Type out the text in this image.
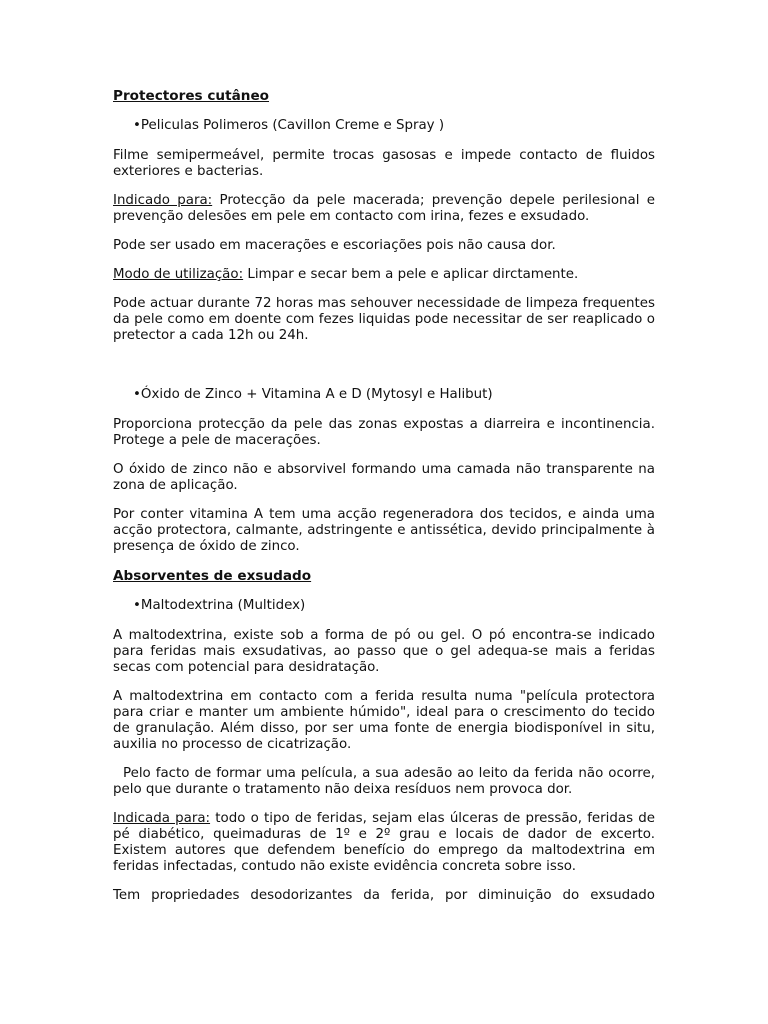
Protectores cutâneo

•Peliculas Polimeros (Cavillon Creme e Spray )

Filme semipermeável, permite trocas gasosas e impede contacto de fluidos exteriores e bacterias.

Indicado para: Protecção da pele macerada; prevenção depele perilesional e prevenção delesões em pele em contacto com irina, fezes e exsudado.

Pode ser usado em macerações e escoriações pois não causa dor.

Modo de utilização: Limpar e secar bem a pele e aplicar dirctamente.

Pode actuar durante 72 horas mas sehouver necessidade de limpeza frequentes da pele como em doente com fezes liquidas pode necessitar de ser reaplicado o pretector a cada 12h ou 24h.

•Óxido de Zinco + Vitamina A e D (Mytosyl e Halibut)

Proporciona protecção da pele das zonas expostas a diarreira e incontinencia. Protege a pele de macerações.

O óxido de zinco não e absorvivel formando uma camada não transparente na zona de aplicação.

Por conter vitamina A tem uma acção regeneradora dos tecidos, e ainda uma acção protectora, calmante, adstringente e antissética, devido principalmente à presença de óxido de zinco.

Absorventes de exsudado

•Maltodextrina (Multidex)

A maltodextrina, existe sob a forma de pó ou gel. O pó encontra-se indicado para feridas mais exsudativas, ao passo que o gel adequa-se mais a feridas secas com potencial para desidratação.

A maltodextrina em contacto com a ferida resulta numa "película protectora para criar e manter um ambiente húmido", ideal para o crescimento do tecido de granulação. Além disso, por ser uma fonte de energia biodisponível in situ, auxilia no processo de cicatrização.

Pelo facto de formar uma película, a sua adesão ao leito da ferida não ocorre, pelo que durante o tratamento não deixa resíduos nem provoca dor.

Indicada para: todo o tipo de feridas, sejam elas úlceras de pressão, feridas de pé diabético, queimaduras de 1º e 2º grau e locais de dador de excerto. Existem autores que defendem benefício do emprego da maltodextrina em feridas infectadas, contudo não existe evidência concreta sobre isso.

Tem propriedades desodorizantes da ferida, por diminuição do exsudado
